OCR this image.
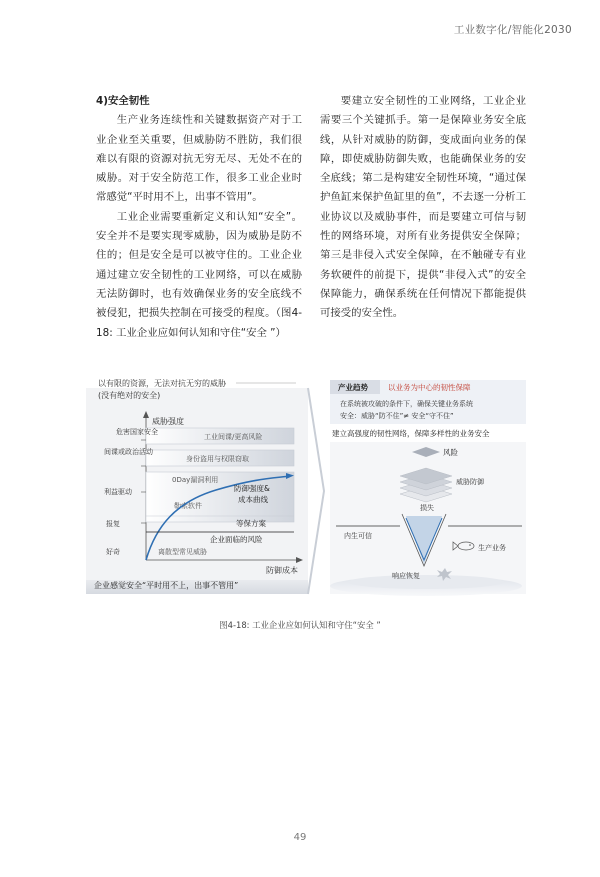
工业数字化/智能化2030
4)安全韧性

生产业务连续性和关键数据资产对于工业企业至关重要，但威胁防不胜防，我们很难以有限的资源对抗无穷无尽、无处不在的威胁。对于安全防范工作，很多工业企业时常感觉“平时用不上，出事不管用”。

工业企业需要重新定义和认知“安全”。安全并不是要实现零威胁，因为威胁是防不住的；但是安全是可以被守住的。工业企业通过建立安全韧性的工业网络，可以在威胁无法防御时，也有效确保业务的安全底线不被侵犯，把损失控制在可接受的程度。（图4-18: 工业企业应如何认知和守住“安全 ”）

要建立安全韧性的工业网络，工业企业需要三个关键抓手。第一是保障业务安全底线，从针对威胁的防御，变成面向业务的保障，即使威胁防御失败，也能确保业务的安全底线；第二是构建安全韧性环境，“通过保护鱼缸来保护鱼缸里的鱼”，不去逐一分析工业协议以及威胁事件，而是要建立可信与韧性的网络环境，对所有业务提供安全保障；第三是非侵入式安全保障，在不触碰专有业务软硬件的前提下，提供“非侵入式”的安全保障能力，确保系统在任何情况下都能提供可接受的安全性。

以有限的资源，无法对抗无穷的威胁
(没有绝对的安全)
威胁强度
防御成本
危害国家安全
间谍或政治活动
利益驱动
报复
好奇
工业间谍/更高风险
身份盗用与权限窃取
0Day漏洞利用
勒索软件
离散型常见威胁
防御强度&
成本曲线
等保方案
企业面临的风险
企业感觉安全“平时用不上，出事不管用”
产业趋势	以业务为中心的韧性保障
在系统被攻破的条件下，确保关键业务系统
安全：威胁“防不住”≠ 安全“守不住”
建立高强度的韧性网络，保障多样性的业务安全
风险
威胁防御
损失
内生可信
响应恢复
生产业务
图4-18: 工业企业应如何认知和守住“安全 ”
49
